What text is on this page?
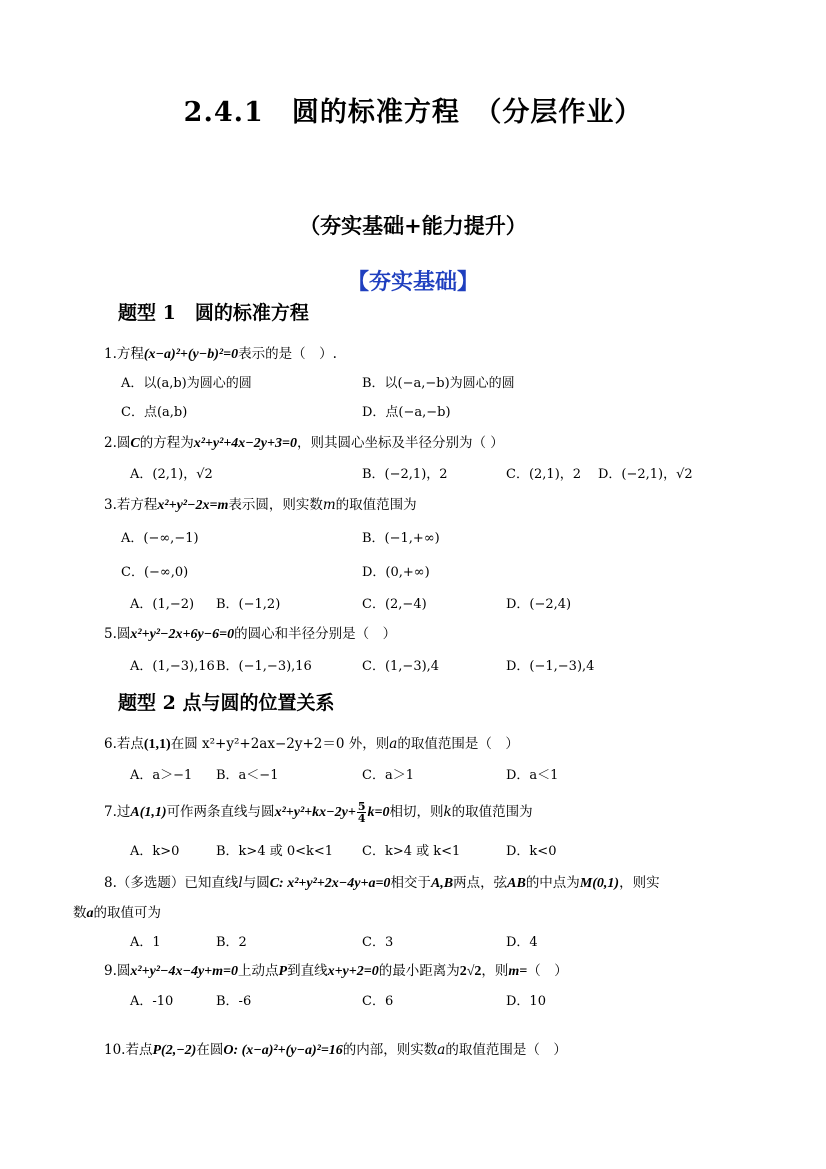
2.4.1　圆的标准方程　（分层作业）
（夯实基础+能力提升）
【夯实基础】
题型 1　圆的标准方程
1.方程(x−a)²+(y−b)²=0表示的是（　）.
A．以(a,b)为圆心的圆	B．以(−a,−b)为圆心的圆
C．点(a,b)	D．点(−a,−b)
2.圆C的方程为x²+y²+4x−2y+3=0，则其圆心坐标及半径分别为（ ）
A．(2,1)，√2	B．(−2,1)，2	C．(2,1)，2 D．(−2,1)，√2
3.若方程x²+y²−2x=m表示圆，则实数m的取值范围为
A．(−∞,−1)	B．(−1,+∞)
C．(−∞,0)	D．(0,+∞)
A．(1,−2) B．(−1,2)	C．(2,−4)	D．(−2,4)
5.圆x²+y²−2x+6y−6=0的圆心和半径分别是（　）
A．(1,−3),16 B．(−1,−3),16	C．(1,−3),4	D．(−1,−3),4
题型 2 点与圆的位置关系
6.若点(1,1)在圆 x²+y²+2ax−2y+2＝0 外，则a的取值范围是（　）
A．a＞−1 B．a＜−1	C．a＞1	D．a＜1
7.过A(1,1)可作两条直线与圆$x^2+y^2+kx-2y+ \frac{5}{4} k=0$相切，则k的取值范围为
A．k>0	B．k>4 或 0<k<1 C．k>4 或 k<1	D．k<0
8.（多选题）已知直线l与圆C: x²+y²+2x−4y+a=0相交于A,B两点，弦AB的中点为M(0,1)，则实
数a的取值可为
A．1	B．2	C．3	D．4
9.圆x²+y²−4x−4y+m=0上动点P到直线x+y+2=0的最小距离为2√2，则m=（　）
A．-10	B．-6	C．6	D．10
10.若点P(2,−2)在圆O: (x−a)²+(y−a)²=16的内部，则实数a的取值范围是（　）
